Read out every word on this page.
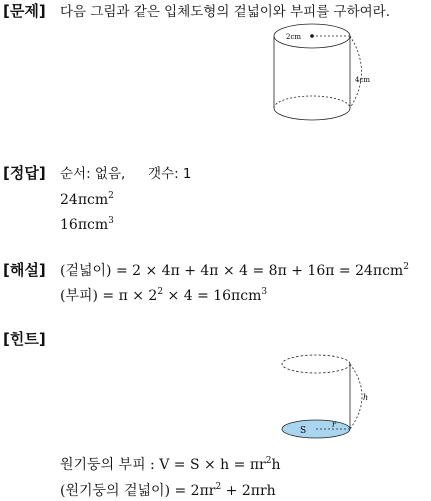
[문제] 다음 그림과 같은 입체도형의 겉넓이와 부피를 구하여라.
2cm
4cm
[정답] 순서: 없음, 갯수: 1
24πcm$^2$
16πcm$^3$
[해설] (겉넓이) = 2 × 4π + 4π × 4 = 8π + 16π = 24πcm$^2$
(부피) = $\pi \times 2^2 \times 4 = 16\pi cm^3$
[힌트]
S
r
h
원기둥의 부피 : $V = S \times h = \pi r^2h$
(원기둥의 겉넓이) = $2\pi r^2 + 2\pi rh$
